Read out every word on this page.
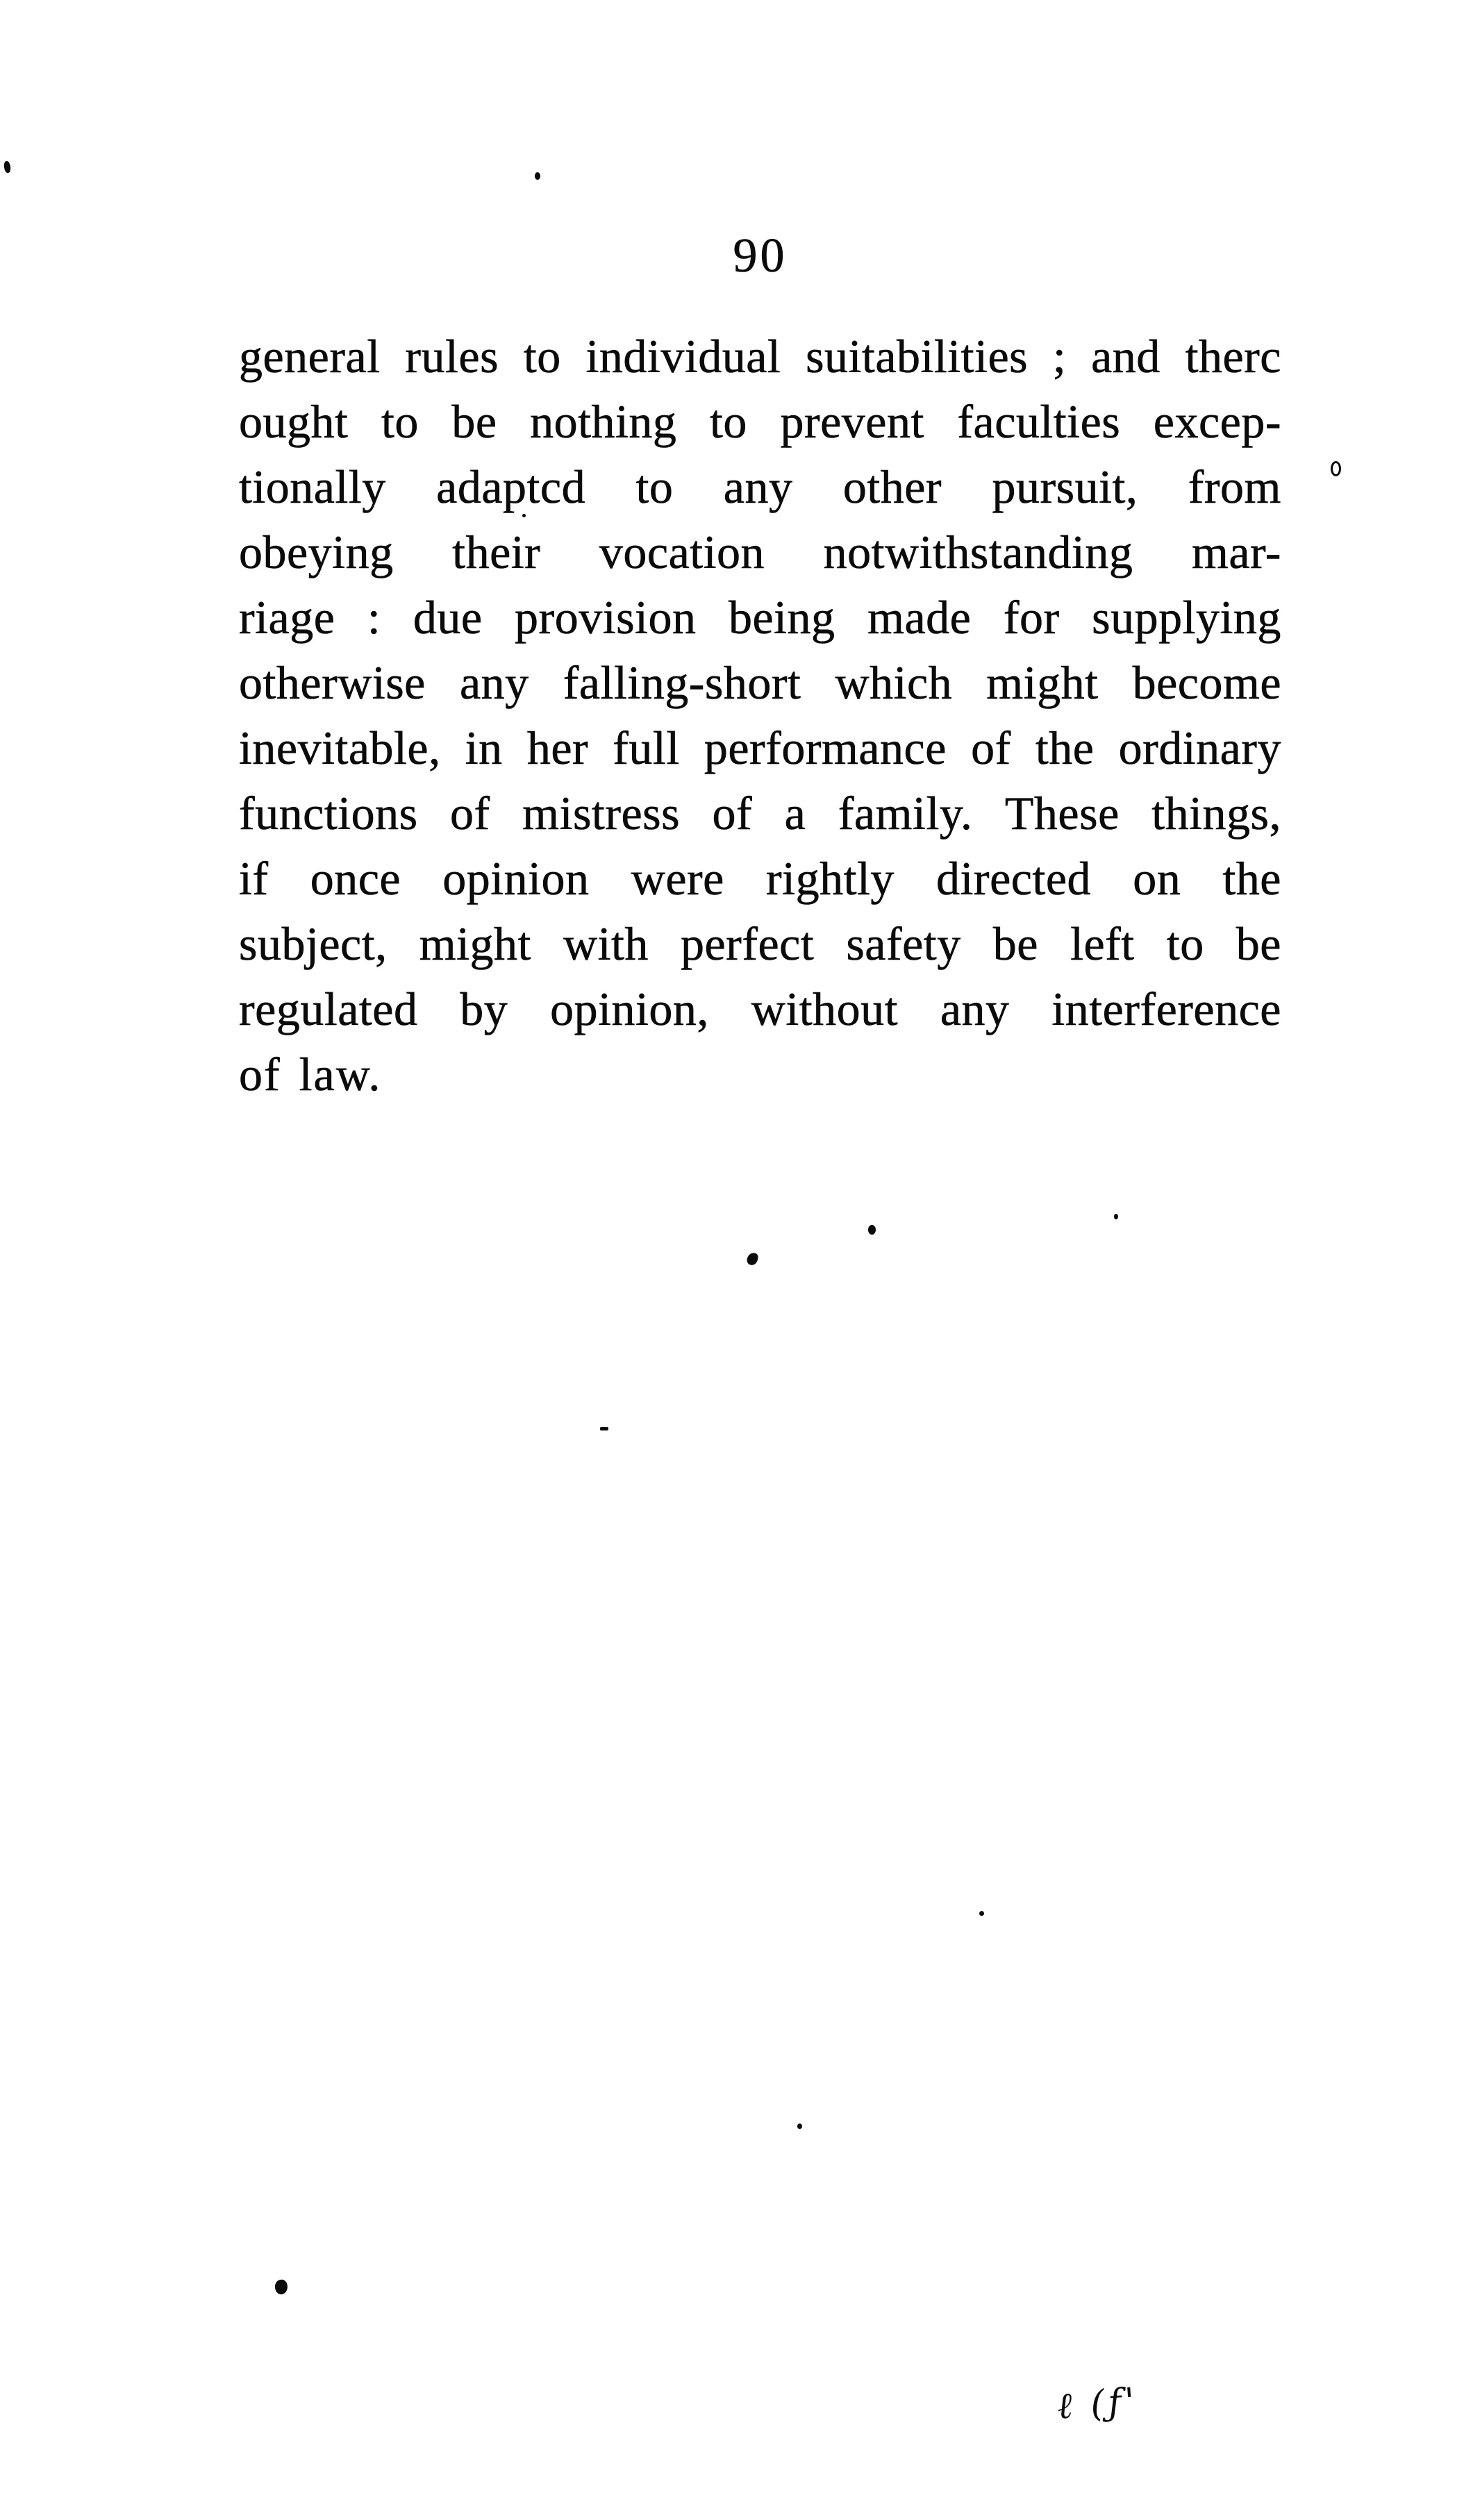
90
general rules to individual suitabilities ; and therc
ought to be nothing to prevent faculties excep-
tionally adaptcd to any other pursuit, from
obeying their vocation notwithstanding mar-
riage : due provision being made for supplying
otherwise any falling-short which might become
inevitable, in her full performance of the ordinary
functions of mistress of a family. These things,
if once opinion were rightly directed on the
subject, might with perfect safety be left to be
regulated by opinion, without any interference
of law.
ℓ (ƒ'
